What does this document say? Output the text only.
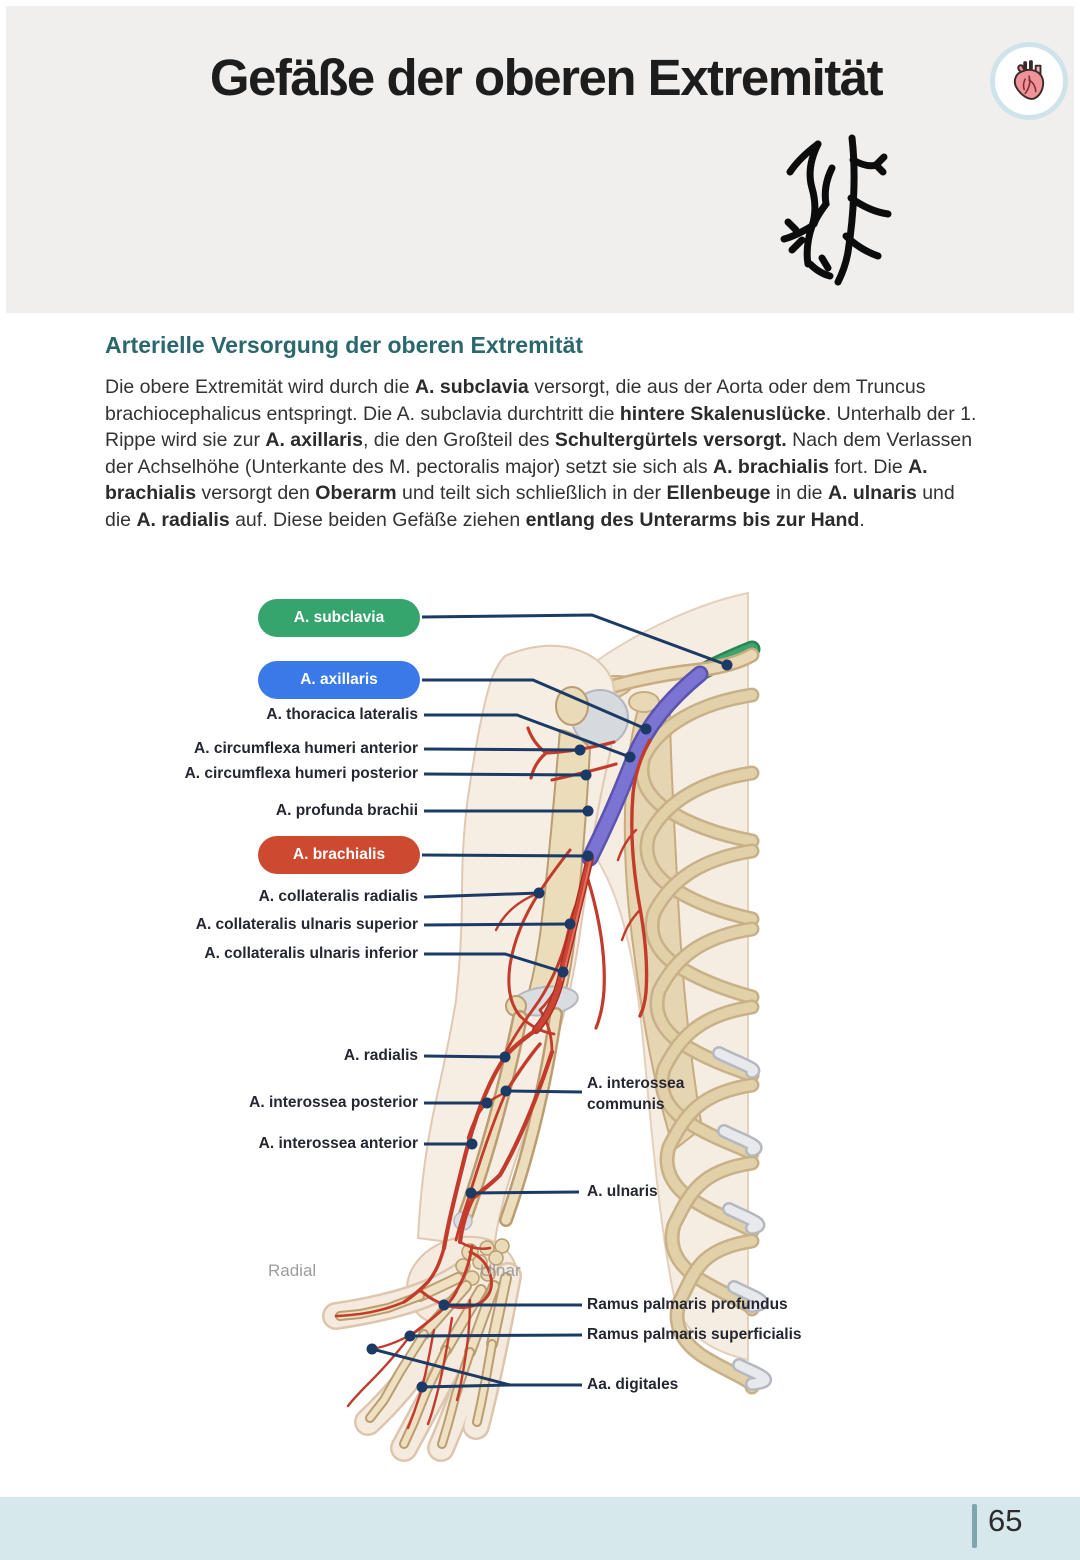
Gefäße der oberen Extremität
Arterielle Versorgung der oberen Extremität

Die obere Extremität wird durch die A. subclavia versorgt, die aus der Aorta oder dem Truncus brachiocephalicus entspringt. Die A. subclavia durchtritt die hintere Skalenuslücke. Unterhalb der 1. Rippe wird sie zur A. axillaris, die den Großteil des Schultergürtels versorgt. Nach dem Verlassen der Achselhöhe (Unterkante des M. pectoralis major) setzt sie sich als A. brachialis fort. Die A. brachialis versorgt den Oberarm und teilt sich schließlich in der Ellenbeuge in die A. ulnaris und die A. radialis auf. Diese beiden Gefäße ziehen entlang des Unterarms bis zur Hand.

A. subclavia
A. axillaris
A. brachialis
A. thoracica lateralis
A. circumflexa humeri anterior
A. circumflexa humeri posterior
A. profunda brachii
A. collateralis radialis
A. collateralis ulnaris superior
A. collateralis ulnaris inferior
A. radialis
A. interossea posterior
A. interossea anterior
A. interossea communis
A. ulnaris
Ramus palmaris profundus
Ramus palmaris superficialis
Aa. digitales
Radial	Ulnar
65
